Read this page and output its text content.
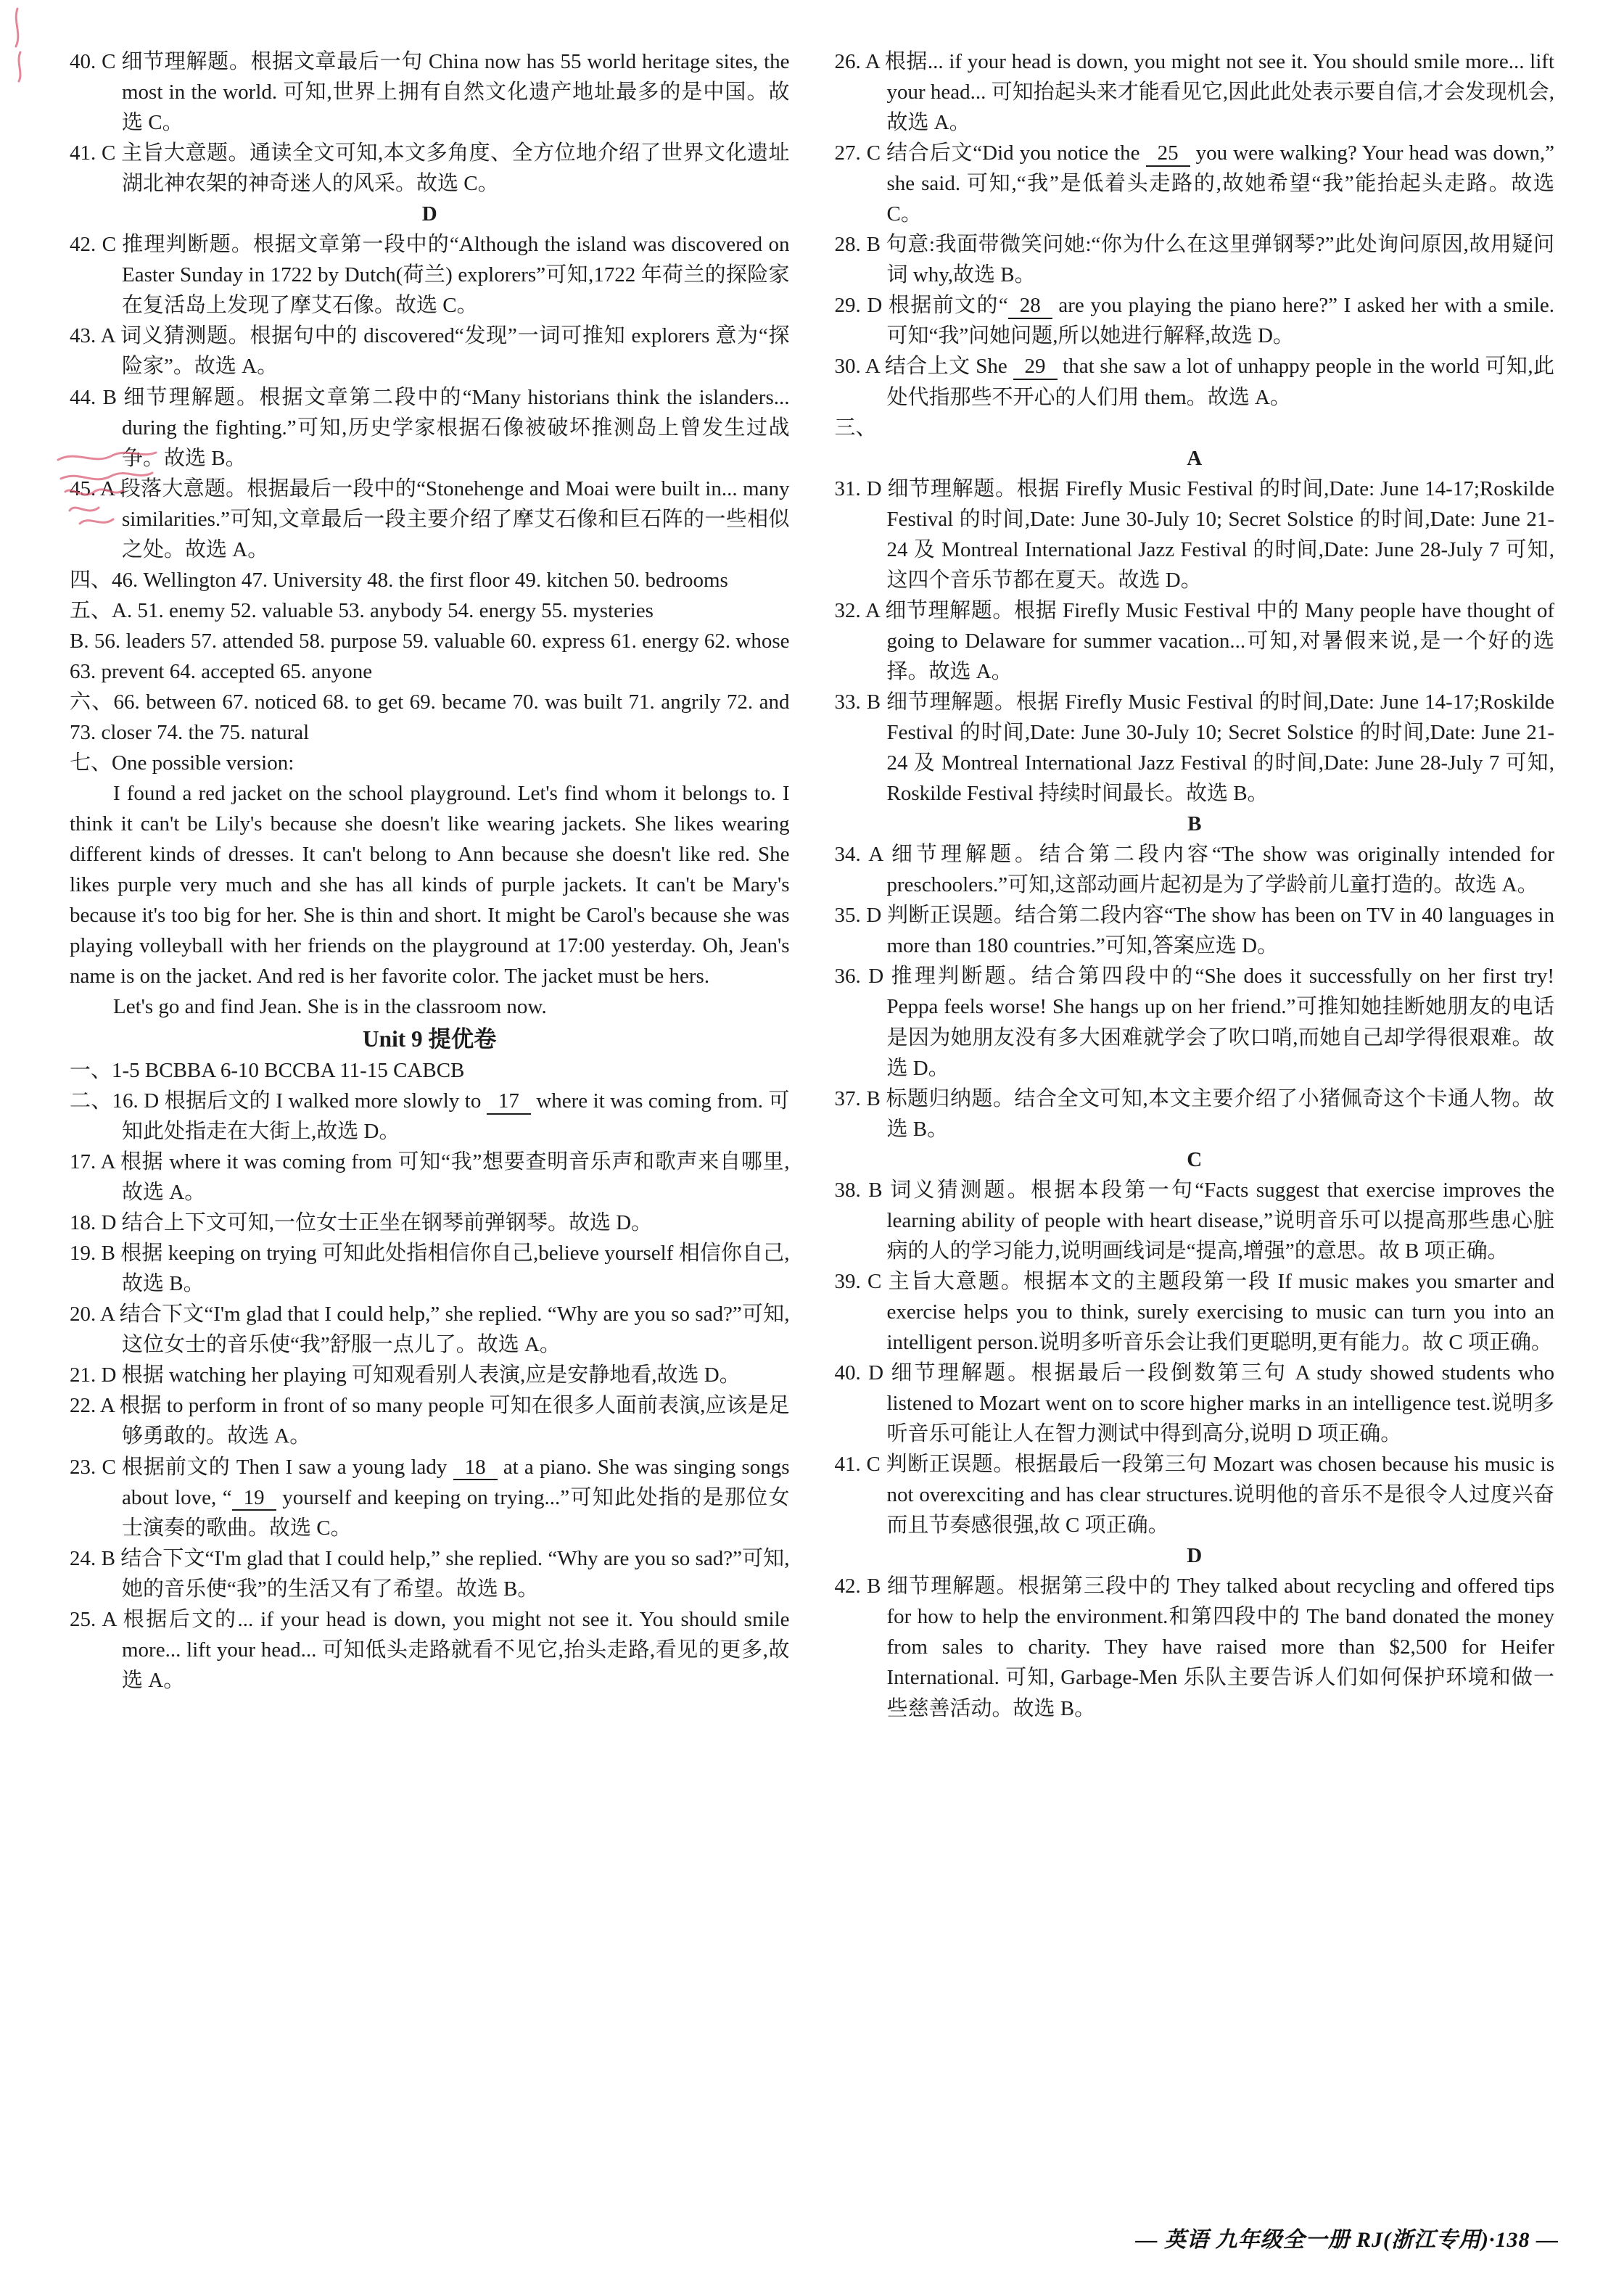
40. C 细节理解题。根据文章最后一句 China now has 55 world heritage sites, the most in the world. 可知,世界上拥有自然文化遗产地址最多的是中国。故选 C。
41. C 主旨大意题。通读全文可知,本文多角度、全方位地介绍了世界文化遗址湖北神农架的神奇迷人的风采。故选 C。
D
42. C 推理判断题。根据文章第一段中的“Although the island was discovered on Easter Sunday in 1722 by Dutch(荷兰) explorers”可知,1722 年荷兰的探险家在复活岛上发现了摩艾石像。故选 C。
43. A 词义猜测题。根据句中的 discovered“发现”一词可推知 explorers 意为“探险家”。故选 A。
44. B 细节理解题。根据文章第二段中的“Many historians think the islanders... during the fighting.”可知,历史学家根据石像被破坏推测岛上曾发生过战争。故选 B。
45. A 段落大意题。根据最后一段中的“Stonehenge and Moai were built in... many similarities.”可知,文章最后一段主要介绍了摩艾石像和巨石阵的一些相似之处。故选 A。
四、46. Wellington 47. University 48. the first floor 49. kitchen 50. bedrooms
五、A. 51. enemy 52. valuable 53. anybody 54. energy 55. mysteries
B. 56. leaders 57. attended 58. purpose 59. valuable 60. express 61. energy 62. whose 63. prevent 64. accepted 65. anyone
六、66. between 67. noticed 68. to get 69. became 70. was built 71. angrily 72. and 73. closer 74. the 75. natural
七、One possible version:
I found a red jacket on the school playground. Let's find whom it belongs to. I think it can't be Lily's because she doesn't like wearing jackets. She likes wearing different kinds of dresses. It can't belong to Ann because she doesn't like red. She likes purple very much and she has all kinds of purple jackets. It can't be Mary's because it's too big for her. She is thin and short. It might be Carol's because she was playing volleyball with her friends on the playground at 17:00 yesterday. Oh, Jean's name is on the jacket. And red is her favorite color. The jacket must be hers.
Let's go and find Jean. She is in the classroom now.
Unit 9 提优卷
一、1-5 BCBBA 6-10 BCCBA 11-15 CABCB
二、16. D 根据后文的 I walked more slowly to 17 where it was coming from. 可知此处指走在大街上,故选 D。
17. A 根据 where it was coming from 可知“我”想要查明音乐声和歌声来自哪里,故选 A。
18. D 结合上下文可知,一位女士正坐在钢琴前弹钢琴。故选 D。
19. B 根据 keeping on trying 可知此处指相信你自己,believe yourself 相信你自己,故选 B。
20. A 结合下文“I'm glad that I could help,” she replied. “Why are you so sad?”可知,这位女士的音乐使“我”舒服一点儿了。故选 A。
21. D 根据 watching her playing 可知观看别人表演,应是安静地看,故选 D。
22. A 根据 to perform in front of so many people 可知在很多人面前表演,应该是足够勇敢的。故选 A。
23. C 根据前文的 Then I saw a young lady 18 at a piano. She was singing songs about love, “ 19 yourself and keeping on trying...”可知此处指的是那位女士演奏的歌曲。故选 C。
24. B 结合下文“I'm glad that I could help,” she replied. “Why are you so sad?”可知,她的音乐使“我”的生活又有了希望。故选 B。
25. A 根据后文的... if your head is down, you might not see it. You should smile more... lift your head... 可知低头走路就看不见它,抬头走路,看见的更多,故选 A。
26. A 根据... if your head is down, you might not see it. You should smile more... lift your head... 可知抬起头来才能看见它,因此此处表示要自信,才会发现机会,故选 A。
27. C 结合后文“Did you notice the 25 you were walking? Your head was down,” she said. 可知,“我”是低着头走路的,故她希望“我”能抬起头走路。故选 C。
28. B 句意:我面带微笑问她:“你为什么在这里弹钢琴?”此处询问原因,故用疑问词 why,故选 B。
29. D 根据前文的“ 28 are you playing the piano here?” I asked her with a smile.可知“我”问她问题,所以她进行解释,故选 D。
30. A 结合上文 She 29 that she saw a lot of unhappy people in the world 可知,此处代指那些不开心的人们用 them。故选 A。
三、
A
31. D 细节理解题。根据 Firefly Music Festival 的时间,Date: June 14-17;Roskilde Festival 的时间,Date: June 30-July 10; Secret Solstice 的时间,Date: June 21-24 及 Montreal International Jazz Festival 的时间,Date: June 28-July 7 可知,这四个音乐节都在夏天。故选 D。
32. A 细节理解题。根据 Firefly Music Festival 中的 Many people have thought of going to Delaware for summer vacation...可知,对暑假来说,是一个好的选择。故选 A。
33. B 细节理解题。根据 Firefly Music Festival 的时间,Date: June 14-17;Roskilde Festival 的时间,Date: June 30-July 10; Secret Solstice 的时间,Date: June 21-24 及 Montreal International Jazz Festival 的时间,Date: June 28-July 7 可知, Roskilde Festival 持续时间最长。故选 B。
B
34. A 细节理解题。结合第二段内容“The show was originally intended for preschoolers.”可知,这部动画片起初是为了学龄前儿童打造的。故选 A。
35. D 判断正误题。结合第二段内容“The show has been on TV in 40 languages in more than 180 countries.”可知,答案应选 D。
36. D 推理判断题。结合第四段中的“She does it successfully on her first try! Peppa feels worse! She hangs up on her friend.”可推知她挂断她朋友的电话是因为她朋友没有多大困难就学会了吹口哨,而她自己却学得很艰难。故选 D。
37. B 标题归纳题。结合全文可知,本文主要介绍了小猪佩奇这个卡通人物。故选 B。
C
38. B 词义猜测题。根据本段第一句“Facts suggest that exercise improves the learning ability of people with heart disease,”说明音乐可以提高那些患心脏病的人的学习能力,说明画线词是“提高,增强”的意思。故 B 项正确。
39. C 主旨大意题。根据本文的主题段第一段 If music makes you smarter and exercise helps you to think, surely exercising to music can turn you into an intelligent person.说明多听音乐会让我们更聪明,更有能力。故 C 项正确。
40. D 细节理解题。根据最后一段倒数第三句 A study showed students who listened to Mozart went on to score higher marks in an intelligence test.说明多听音乐可能让人在智力测试中得到高分,说明 D 项正确。
41. C 判断正误题。根据最后一段第三句 Mozart was chosen because his music is not overexciting and has clear structures.说明他的音乐不是很令人过度兴奋而且节奏感很强,故 C 项正确。
D
42. B 细节理解题。根据第三段中的 They talked about recycling and offered tips for how to help the environment.和第四段中的 The band donated the money from sales to charity. They have raised more than $2,500 for Heifer International. 可知, Garbage-Men 乐队主要告诉人们如何保护环境和做一些慈善活动。故选 B。
— 英语 九年级全一册 RJ(浙江专用)·138 —
